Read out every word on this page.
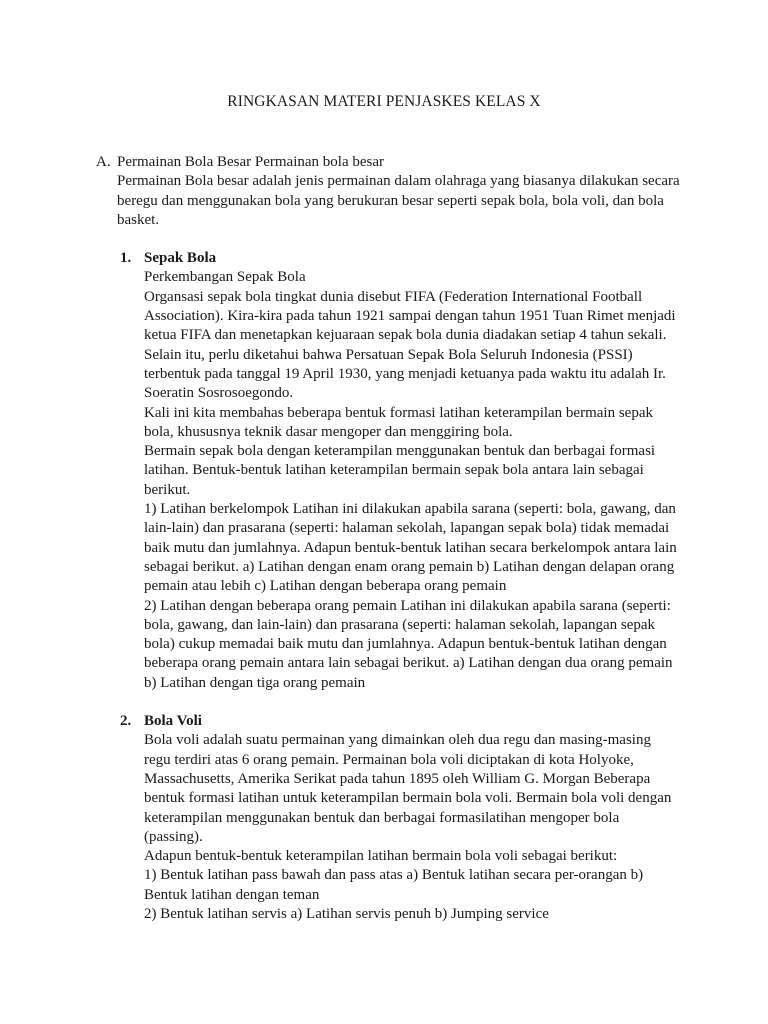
RINGKASAN MATERI PENJASKES KELAS X
A. Permainan Bola Besar Permainan bola besar

Permainan Bola besar adalah jenis permainan dalam olahraga yang biasanya dilakukan secara beregu dan menggunakan bola yang berukuran besar seperti sepak bola, bola voli, dan bola basket.

1. Sepak Bola

Perkembangan Sepak Bola

Organsasi sepak bola tingkat dunia disebut FIFA (Federation International Football Association). Kira-kira pada tahun 1921 sampai dengan tahun 1951 Tuan Rimet menjadi ketua FIFA dan menetapkan kejuaraan sepak bola dunia diadakan setiap 4 tahun sekali. Selain itu, perlu diketahui bahwa Persatuan Sepak Bola Seluruh Indonesia (PSSI) terbentuk pada tanggal 19 April 1930, yang menjadi ketuanya pada waktu itu adalah Ir. Soeratin Sosrosoegondo.

Kali ini kita membahas beberapa bentuk formasi latihan keterampilan bermain sepak bola, khususnya teknik dasar mengoper dan menggiring bola.

Bermain sepak bola dengan keterampilan menggunakan bentuk dan berbagai formasi latihan. Bentuk-bentuk latihan keterampilan bermain sepak bola antara lain sebagai berikut.

1) Latihan berkelompok Latihan ini dilakukan apabila sarana (seperti: bola, gawang, dan lain-lain) dan prasarana (seperti: halaman sekolah, lapangan sepak bola) tidak memadai baik mutu dan jumlahnya. Adapun bentuk-bentuk latihan secara berkelompok antara lain sebagai berikut. a) Latihan dengan enam orang pemain b) Latihan dengan delapan orang pemain atau lebih c) Latihan dengan beberapa orang pemain

2) Latihan dengan beberapa orang pemain Latihan ini dilakukan apabila sarana (seperti: bola, gawang, dan lain-lain) dan prasarana (seperti: halaman sekolah, lapangan sepak bola) cukup memadai baik mutu dan jumlahnya. Adapun bentuk-bentuk latihan dengan beberapa orang pemain antara lain sebagai berikut. a) Latihan dengan dua orang pemain b) Latihan dengan tiga orang pemain

2. Bola Voli

Bola voli adalah suatu permainan yang dimainkan oleh dua regu dan masing-masing regu terdiri atas 6 orang pemain. Permainan bola voli diciptakan di kota Holyoke, Massachusetts, Amerika Serikat pada tahun 1895 oleh William G. Morgan Beberapa bentuk formasi latihan untuk keterampilan bermain bola voli. Bermain bola voli dengan keterampilan menggunakan bentuk dan berbagai formasilatihan mengoper bola (passing).

Adapun bentuk-bentuk keterampilan latihan bermain bola voli sebagai berikut:

1) Bentuk latihan pass bawah dan pass atas a) Bentuk latihan secara per-orangan b) Bentuk latihan dengan teman

2) Bentuk latihan servis a) Latihan servis penuh b) Jumping service
